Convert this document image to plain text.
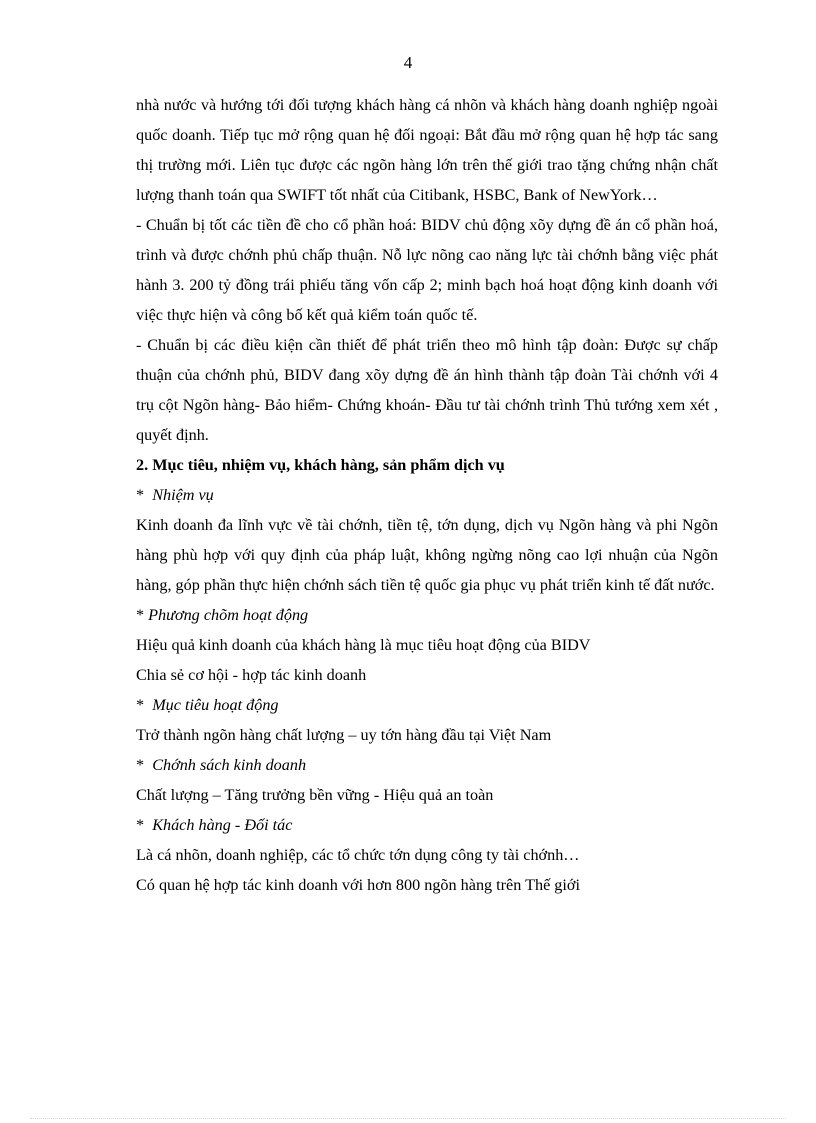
4

nhà nước và hướng tới đối tượng khách hàng cá nhõn và khách hàng doanh nghiệp ngoài quốc doanh. Tiếp tục mở rộng quan hệ đối ngoại: Bắt đầu mở rộng quan hệ hợp tác sang thị trường mới. Liên tục được các ngõn hàng lớn trên thế giới trao tặng chứng nhận chất lượng thanh toán qua SWIFT tốt nhất của Citibank, HSBC, Bank of NewYork…

- Chuẩn bị tốt các tiền đề cho cổ phần hoá: BIDV chủ động xõy dựng đề án cổ phần hoá, trình và được chớnh phủ chấp thuận. Nỗ lực nõng cao năng lực tài chớnh bằng việc phát hành 3. 200 tỷ đồng trái phiếu tăng vốn cấp 2; minh bạch hoá hoạt động kinh doanh với việc thực hiện và công bố kết quả kiểm toán quốc tế.

- Chuẩn bị các điều kiện cần thiết để phát triển theo mô hình tập đoàn: Được sự chấp thuận của chớnh phủ, BIDV đang xõy dựng đề án hình thành tập đoàn Tài chớnh với 4 trụ cột Ngõn hàng- Bảo hiểm- Chứng khoán- Đầu tư tài chớnh trình Thủ tướng xem xét , quyết định.

2. Mục tiêu, nhiệm vụ, khách hàng, sản phẩm dịch vụ

* Nhiệm vụ

Kinh doanh đa lĩnh vực về tài chớnh, tiền tệ, tớn dụng, dịch vụ Ngõn hàng và phi Ngõn hàng phù hợp với quy định của pháp luật, không ngừng nõng cao lợi nhuận của Ngõn hàng, góp phần thực hiện chớnh sách tiền tệ quốc gia phục vụ phát triển kinh tế đất nước.

* Phương chõm hoạt động

Hiệu quả kinh doanh của khách hàng là mục tiêu hoạt động của BIDV

Chia sẻ cơ hội - hợp tác kinh doanh

* Mục tiêu hoạt động

Trở thành ngõn hàng chất lượng – uy tớn hàng đầu tại Việt Nam

* Chớnh sách kinh doanh

Chất lượng – Tăng trưởng bền vững - Hiệu quả an toàn

* Khách hàng - Đối tác

Là cá nhõn, doanh nghiệp, các tổ chức tớn dụng công ty tài chớnh…

Có quan hệ hợp tác kinh doanh với hơn 800 ngõn hàng trên Thế giới
